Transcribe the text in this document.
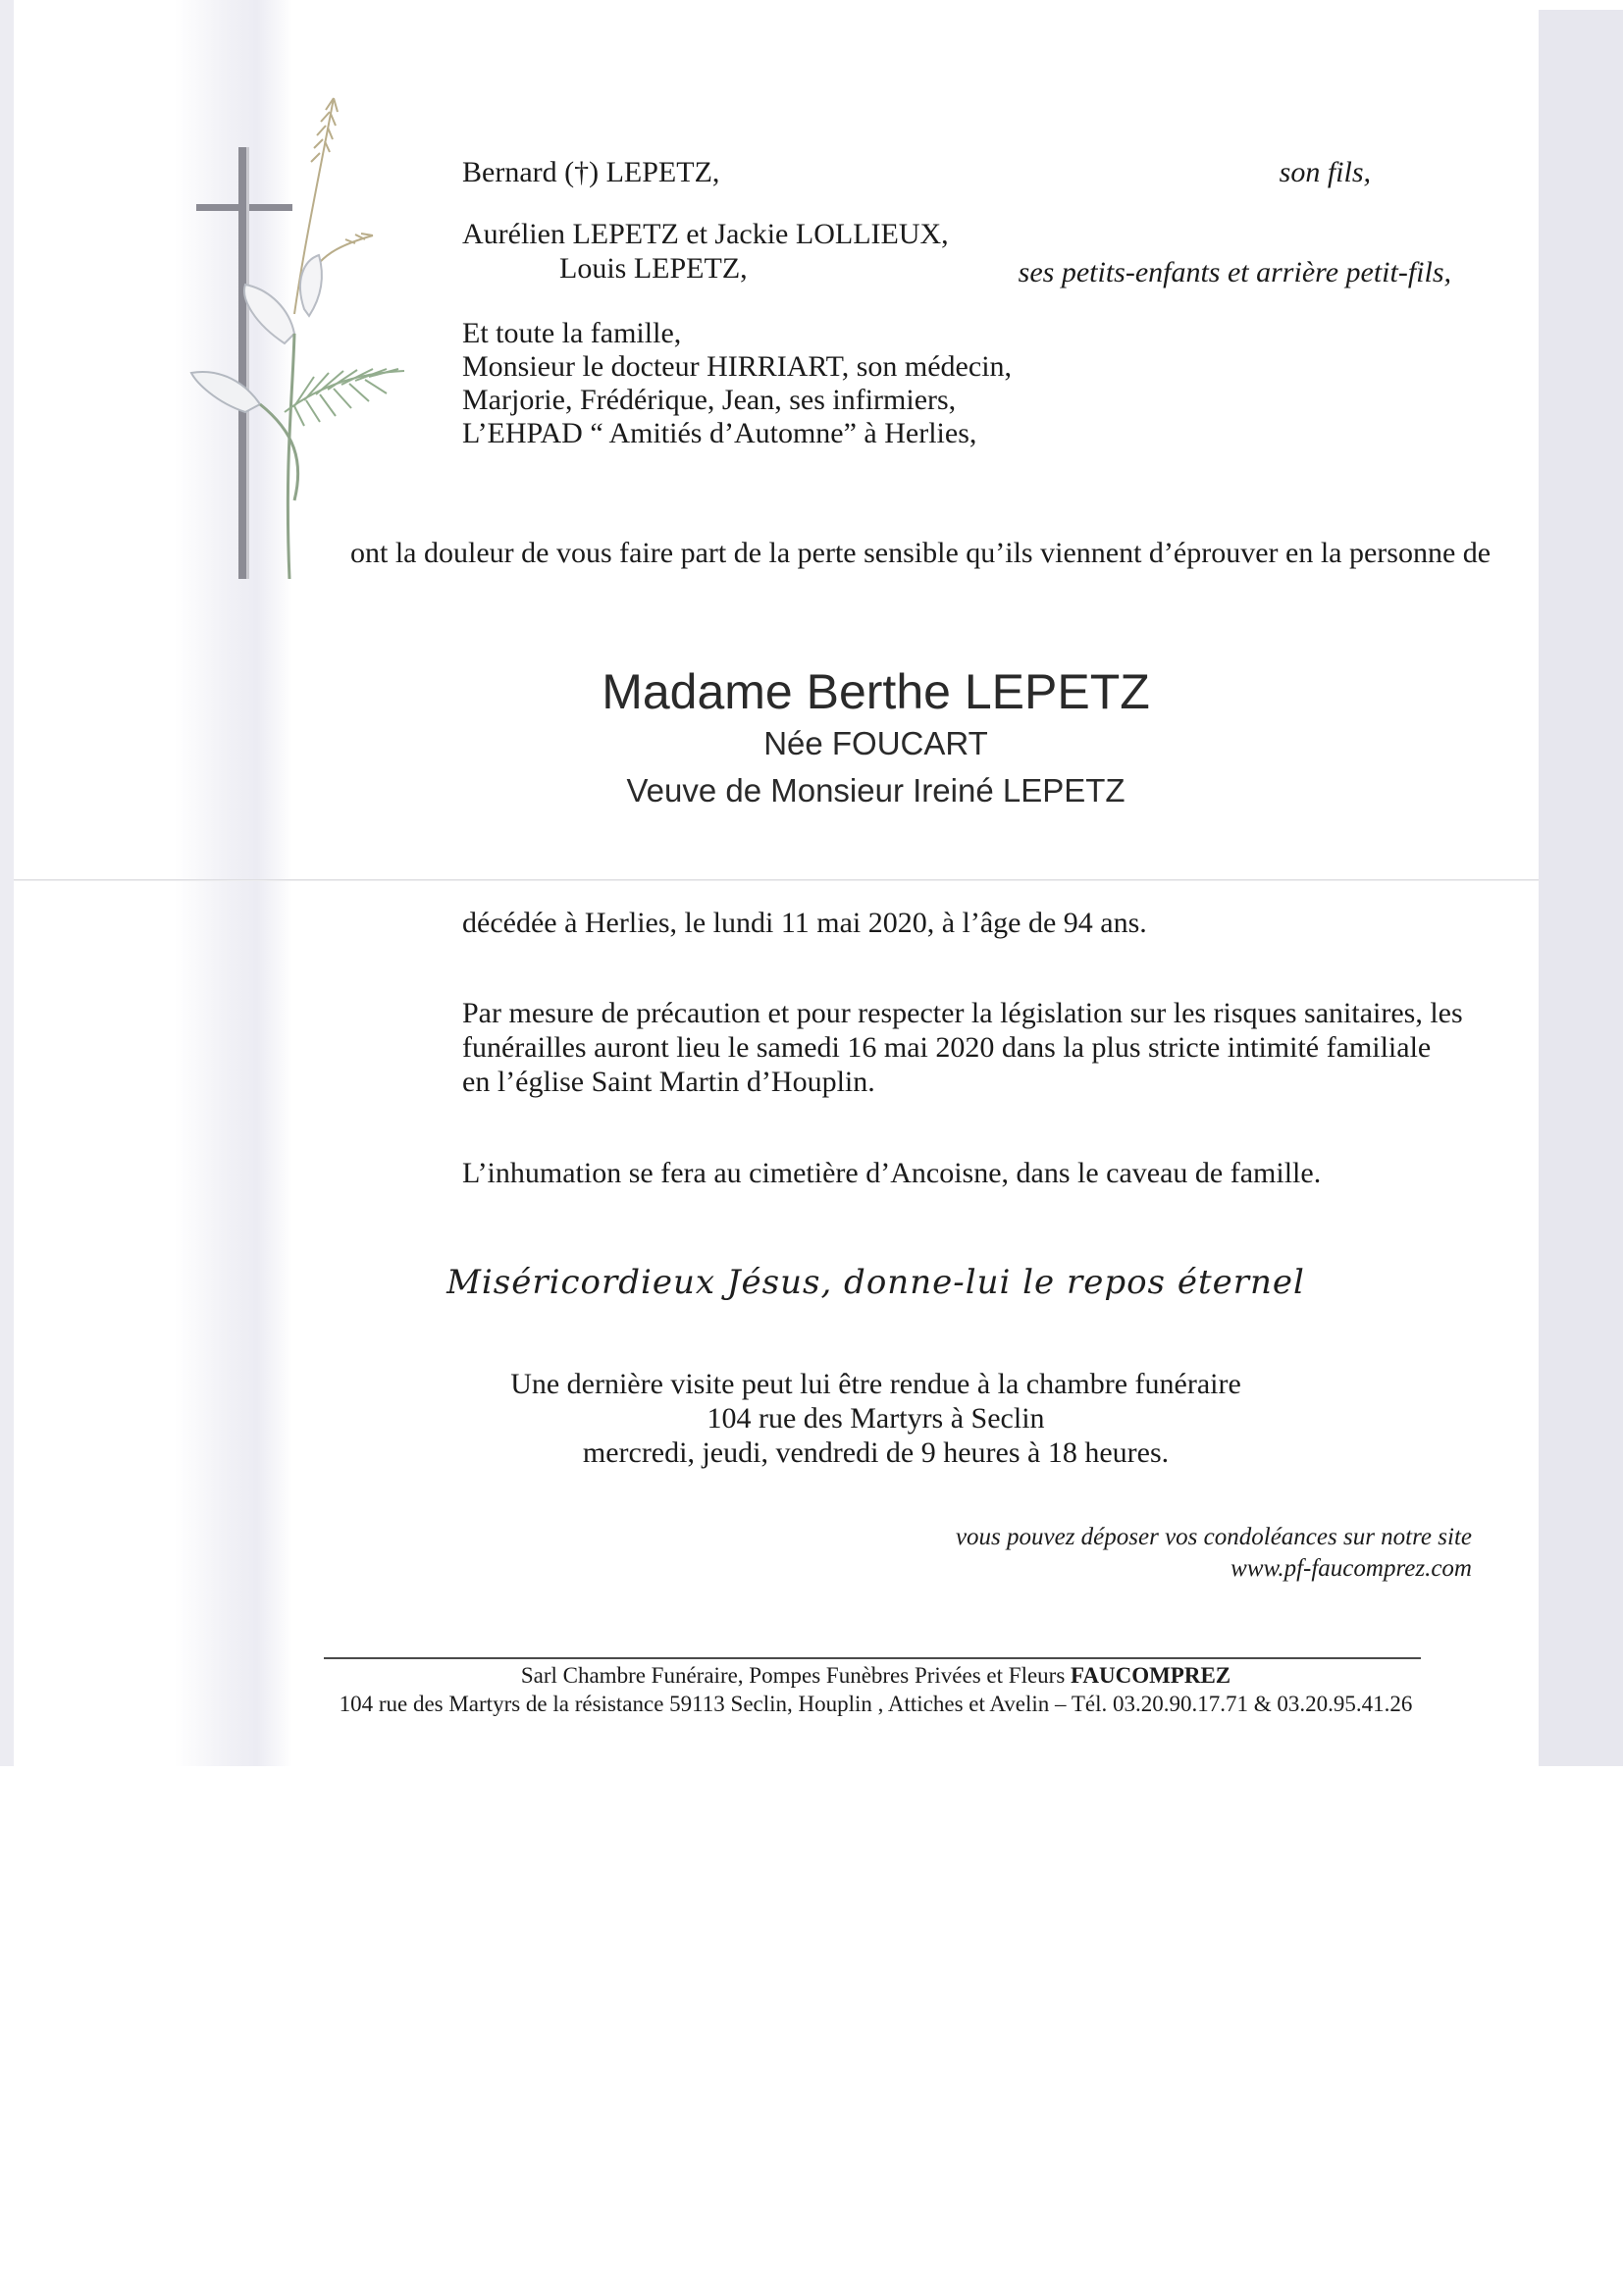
Bernard (†) LEPETZ,	son fils,

Aurélien LEPETZ et Jackie LOLLIEUX,

Louis LEPETZ,	ses petits-enfants et arrière petit-fils,

Et toute la famille,

Monsieur le docteur HIRRIART, son médecin,

Marjorie, Frédérique, Jean, ses infirmiers,

L’EHPAD “ Amitiés d’Automne” à Herlies,

ont la douleur de vous faire part de la perte sensible qu’ils viennent d’éprouver en la personne de

Madame Berthe LEPETZ
Née FOUCART
Veuve de Monsieur Ireiné LEPETZ

décédée à Herlies, le lundi 11 mai 2020, à l’âge de 94 ans.

Par mesure de précaution et pour respecter la législation sur les risques sanitaires, les

funérailles auront lieu le samedi 16 mai 2020 dans la plus stricte intimité familiale

en l’église Saint Martin d’Houplin.

L’inhumation se fera au cimetière d’Ancoisne, dans le caveau de famille.

Miséricordieux Jésus, donne-lui le repos éternel
Une dernière visite peut lui être rendue à la chambre funéraire
104 rue des Martyrs à Seclin
mercredi, jeudi, vendredi de 9 heures à 18 heures.
vous pouvez déposer vos condoléances sur notre site
www.pf-faucomprez.com
Sarl Chambre Funéraire, Pompes Funèbres Privées et Fleurs FAUCOMPREZ
104 rue des Martyrs de la résistance 59113 Seclin, Houplin , Attiches et Avelin – Tél. 03.20.90.17.71 & 03.20.95.41.26
